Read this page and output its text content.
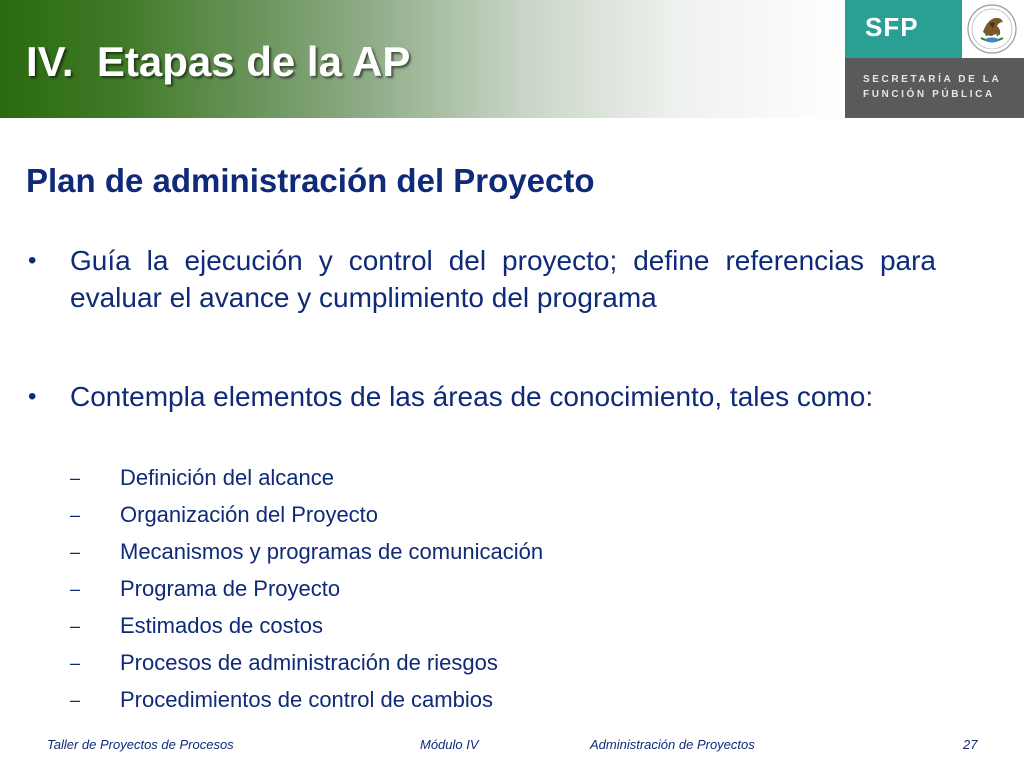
IV.  Etapas de la AP
SFP
SECRETARÍA DE LA
FUNCIÓN PÚBLICA
Plan de administración del Proyecto
• Guía la ejecución y control del proyecto; define referencias para evaluar el avance y cumplimiento del programa
• Contempla elementos de las áreas de conocimiento, tales como:
– Definición del alcance
– Organización del Proyecto
– Mecanismos y programas de comunicación
– Programa de Proyecto
– Estimados de costos
– Procesos de administración de riesgos
– Procedimientos de control de cambios
Taller de Proyectos de Procesos	Módulo IV	Administración de Proyectos	27
